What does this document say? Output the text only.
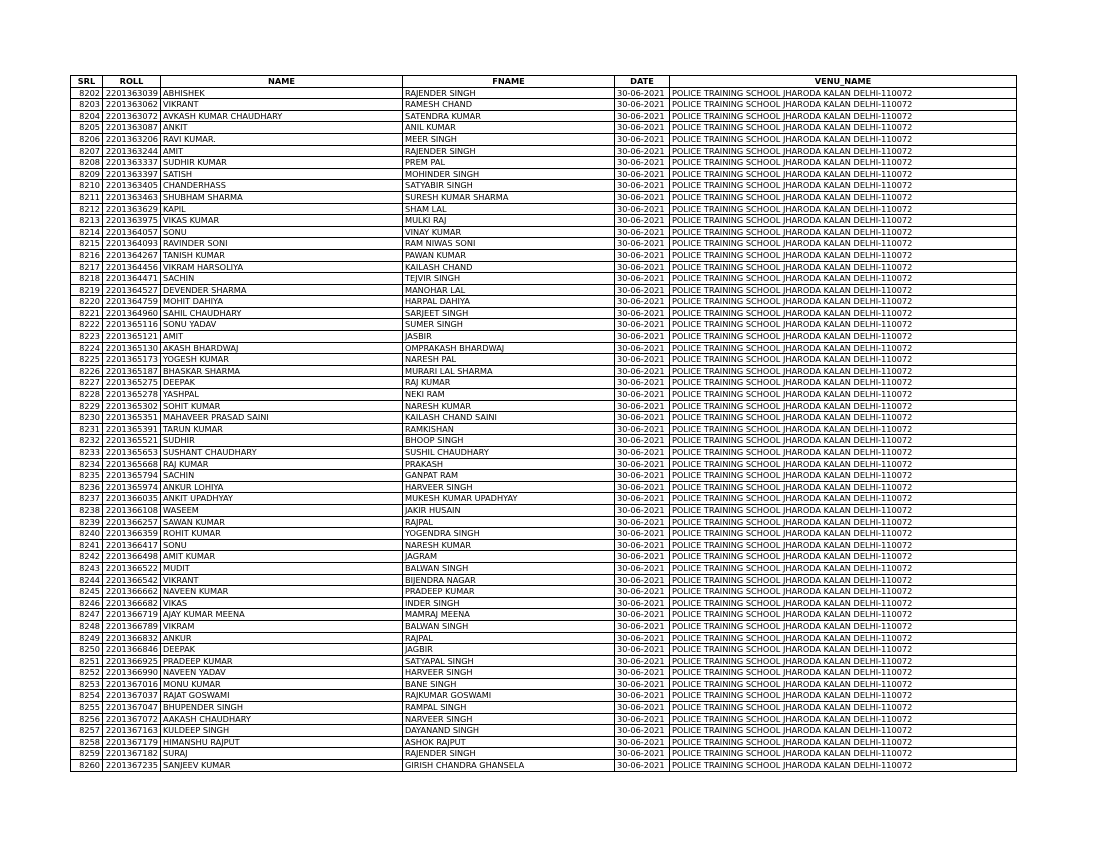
SRL	ROLL	NAME	FNAME	DATE	VENU_NAME
8202	2201363039	ABHISHEK	RAJENDER SINGH	30-06-2021	POLICE TRAINING SCHOOL JHARODA KALAN DELHI-110072
8203	2201363062	VIKRANT	RAMESH CHAND	30-06-2021	POLICE TRAINING SCHOOL JHARODA KALAN DELHI-110072
8204	2201363072	AVKASH KUMAR CHAUDHARY	SATENDRA KUMAR	30-06-2021	POLICE TRAINING SCHOOL JHARODA KALAN DELHI-110072
8205	2201363087	ANKIT	ANIL KUMAR	30-06-2021	POLICE TRAINING SCHOOL JHARODA KALAN DELHI-110072
8206	2201363206	RAVI KUMAR.	MEER SINGH	30-06-2021	POLICE TRAINING SCHOOL JHARODA KALAN DELHI-110072
8207	2201363244	AMIT	RAJENDER SINGH	30-06-2021	POLICE TRAINING SCHOOL JHARODA KALAN DELHI-110072
8208	2201363337	SUDHIR KUMAR	PREM PAL	30-06-2021	POLICE TRAINING SCHOOL JHARODA KALAN DELHI-110072
8209	2201363397	SATISH	MOHINDER SINGH	30-06-2021	POLICE TRAINING SCHOOL JHARODA KALAN DELHI-110072
8210	2201363405	CHANDERHASS	SATYABIR SINGH	30-06-2021	POLICE TRAINING SCHOOL JHARODA KALAN DELHI-110072
8211	2201363463	SHUBHAM SHARMA	SURESH KUMAR SHARMA	30-06-2021	POLICE TRAINING SCHOOL JHARODA KALAN DELHI-110072
8212	2201363629	KAPIL	SHAM LAL	30-06-2021	POLICE TRAINING SCHOOL JHARODA KALAN DELHI-110072
8213	2201363975	VIKAS KUMAR	MULKI RAJ	30-06-2021	POLICE TRAINING SCHOOL JHARODA KALAN DELHI-110072
8214	2201364057	SONU	VINAY KUMAR	30-06-2021	POLICE TRAINING SCHOOL JHARODA KALAN DELHI-110072
8215	2201364093	RAVINDER SONI	RAM NIWAS SONI	30-06-2021	POLICE TRAINING SCHOOL JHARODA KALAN DELHI-110072
8216	2201364267	TANISH KUMAR	PAWAN KUMAR	30-06-2021	POLICE TRAINING SCHOOL JHARODA KALAN DELHI-110072
8217	2201364456	VIKRAM HARSOLIYA	KAILASH CHAND	30-06-2021	POLICE TRAINING SCHOOL JHARODA KALAN DELHI-110072
8218	2201364471	SACHIN	TEJVIR SINGH	30-06-2021	POLICE TRAINING SCHOOL JHARODA KALAN DELHI-110072
8219	2201364527	DEVENDER SHARMA	MANOHAR LAL	30-06-2021	POLICE TRAINING SCHOOL JHARODA KALAN DELHI-110072
8220	2201364759	MOHIT DAHIYA	HARPAL DAHIYA	30-06-2021	POLICE TRAINING SCHOOL JHARODA KALAN DELHI-110072
8221	2201364960	SAHIL CHAUDHARY	SARJEET SINGH	30-06-2021	POLICE TRAINING SCHOOL JHARODA KALAN DELHI-110072
8222	2201365116	SONU YADAV	SUMER SINGH	30-06-2021	POLICE TRAINING SCHOOL JHARODA KALAN DELHI-110072
8223	2201365121	AMIT	JASBIR	30-06-2021	POLICE TRAINING SCHOOL JHARODA KALAN DELHI-110072
8224	2201365130	AKASH BHARDWAJ	OMPRAKASH BHARDWAJ	30-06-2021	POLICE TRAINING SCHOOL JHARODA KALAN DELHI-110072
8225	2201365173	YOGESH KUMAR	NARESH PAL	30-06-2021	POLICE TRAINING SCHOOL JHARODA KALAN DELHI-110072
8226	2201365187	BHASKAR SHARMA	MURARI LAL SHARMA	30-06-2021	POLICE TRAINING SCHOOL JHARODA KALAN DELHI-110072
8227	2201365275	DEEPAK	RAJ KUMAR	30-06-2021	POLICE TRAINING SCHOOL JHARODA KALAN DELHI-110072
8228	2201365278	YASHPAL	NEKI RAM	30-06-2021	POLICE TRAINING SCHOOL JHARODA KALAN DELHI-110072
8229	2201365302	SOHIT KUMAR	NARESH KUMAR	30-06-2021	POLICE TRAINING SCHOOL JHARODA KALAN DELHI-110072
8230	2201365351	MAHAVEER PRASAD SAINI	KAILASH CHAND SAINI	30-06-2021	POLICE TRAINING SCHOOL JHARODA KALAN DELHI-110072
8231	2201365391	TARUN KUMAR	RAMKISHAN	30-06-2021	POLICE TRAINING SCHOOL JHARODA KALAN DELHI-110072
8232	2201365521	SUDHIR	BHOOP SINGH	30-06-2021	POLICE TRAINING SCHOOL JHARODA KALAN DELHI-110072
8233	2201365653	SUSHANT CHAUDHARY	SUSHIL CHAUDHARY	30-06-2021	POLICE TRAINING SCHOOL JHARODA KALAN DELHI-110072
8234	2201365668	RAJ KUMAR	PRAKASH	30-06-2021	POLICE TRAINING SCHOOL JHARODA KALAN DELHI-110072
8235	2201365794	SACHIN	GANPAT RAM	30-06-2021	POLICE TRAINING SCHOOL JHARODA KALAN DELHI-110072
8236	2201365974	ANKUR LOHIYA	HARVEER SINGH	30-06-2021	POLICE TRAINING SCHOOL JHARODA KALAN DELHI-110072
8237	2201366035	ANKIT UPADHYAY	MUKESH KUMAR UPADHYAY	30-06-2021	POLICE TRAINING SCHOOL JHARODA KALAN DELHI-110072
8238	2201366108	WASEEM	JAKIR HUSAIN	30-06-2021	POLICE TRAINING SCHOOL JHARODA KALAN DELHI-110072
8239	2201366257	SAWAN KUMAR	RAJPAL	30-06-2021	POLICE TRAINING SCHOOL JHARODA KALAN DELHI-110072
8240	2201366359	ROHIT KUMAR	YOGENDRA SINGH	30-06-2021	POLICE TRAINING SCHOOL JHARODA KALAN DELHI-110072
8241	2201366417	SONU	NARESH KUMAR	30-06-2021	POLICE TRAINING SCHOOL JHARODA KALAN DELHI-110072
8242	2201366498	AMIT KUMAR	JAGRAM	30-06-2021	POLICE TRAINING SCHOOL JHARODA KALAN DELHI-110072
8243	2201366522	MUDIT	BALWAN SINGH	30-06-2021	POLICE TRAINING SCHOOL JHARODA KALAN DELHI-110072
8244	2201366542	VIKRANT	BIJENDRA NAGAR	30-06-2021	POLICE TRAINING SCHOOL JHARODA KALAN DELHI-110072
8245	2201366662	NAVEEN KUMAR	PRADEEP KUMAR	30-06-2021	POLICE TRAINING SCHOOL JHARODA KALAN DELHI-110072
8246	2201366682	VIKAS	INDER SINGH	30-06-2021	POLICE TRAINING SCHOOL JHARODA KALAN DELHI-110072
8247	2201366719	AJAY KUMAR MEENA	MAMRAJ MEENA	30-06-2021	POLICE TRAINING SCHOOL JHARODA KALAN DELHI-110072
8248	2201366789	VIKRAM	BALWAN SINGH	30-06-2021	POLICE TRAINING SCHOOL JHARODA KALAN DELHI-110072
8249	2201366832	ANKUR	RAJPAL	30-06-2021	POLICE TRAINING SCHOOL JHARODA KALAN DELHI-110072
8250	2201366846	DEEPAK	JAGBIR	30-06-2021	POLICE TRAINING SCHOOL JHARODA KALAN DELHI-110072
8251	2201366925	PRADEEP KUMAR	SATYAPAL SINGH	30-06-2021	POLICE TRAINING SCHOOL JHARODA KALAN DELHI-110072
8252	2201366990	NAVEEN YADAV	HARVEER SINGH	30-06-2021	POLICE TRAINING SCHOOL JHARODA KALAN DELHI-110072
8253	2201367016	MONU KUMAR	BANE SINGH	30-06-2021	POLICE TRAINING SCHOOL JHARODA KALAN DELHI-110072
8254	2201367037	RAJAT GOSWAMI	RAJKUMAR GOSWAMI	30-06-2021	POLICE TRAINING SCHOOL JHARODA KALAN DELHI-110072
8255	2201367047	BHUPENDER SINGH	RAMPAL SINGH	30-06-2021	POLICE TRAINING SCHOOL JHARODA KALAN DELHI-110072
8256	2201367072	AAKASH CHAUDHARY	NARVEER SINGH	30-06-2021	POLICE TRAINING SCHOOL JHARODA KALAN DELHI-110072
8257	2201367163	KULDEEP SINGH	DAYANAND SINGH	30-06-2021	POLICE TRAINING SCHOOL JHARODA KALAN DELHI-110072
8258	2201367179	HIMANSHU RAJPUT	ASHOK RAJPUT	30-06-2021	POLICE TRAINING SCHOOL JHARODA KALAN DELHI-110072
8259	2201367182	SURAJ	RAJENDER SINGH	30-06-2021	POLICE TRAINING SCHOOL JHARODA KALAN DELHI-110072
8260	2201367235	SANJEEV KUMAR	GIRISH CHANDRA GHANSELA	30-06-2021	POLICE TRAINING SCHOOL JHARODA KALAN DELHI-110072
